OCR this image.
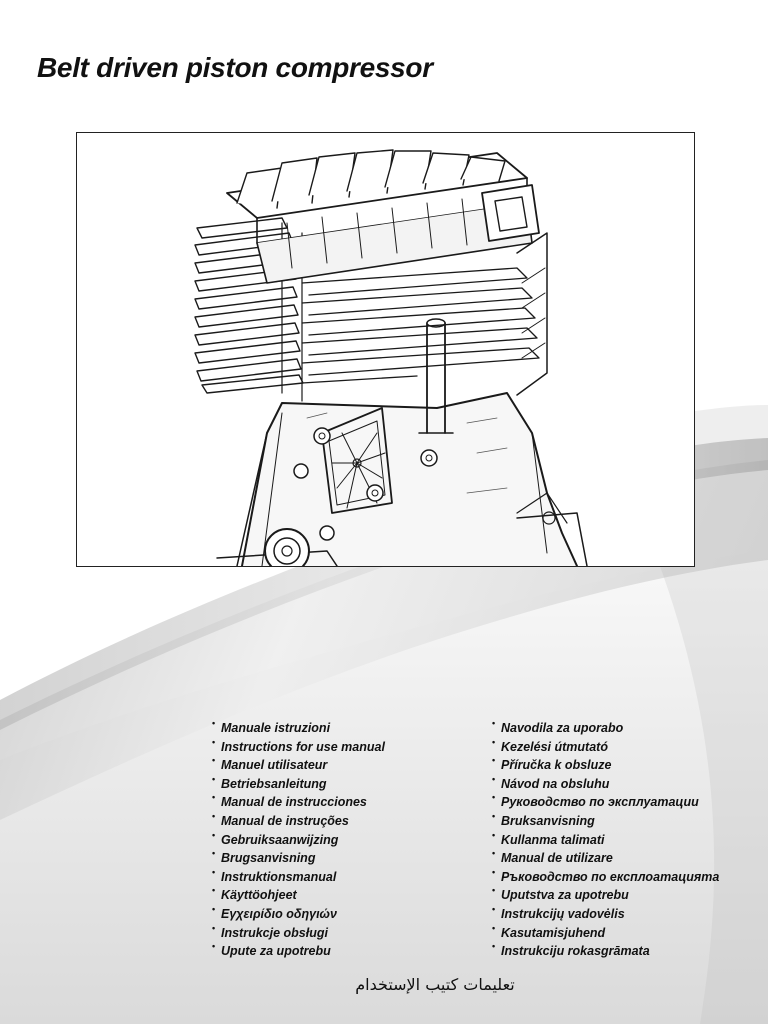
Belt driven piston compressor
• Manuale istruzioni
• Instructions for use manual
• Manuel utilisateur
• Betriebsanleitung
• Manual de instrucciones
• Manual de instruções
• Gebruiksaanwijzing
• Brugsanvisning
• Instruktionsmanual
• Käyttöohjeet
• Εγχειρίδιο οδηγιών
• Instrukcje obsługi
• Upute za upotrebu
• Navodila za uporabo
• Kezelési útmutató
• Příručka k obsluze
• Návod na obsluhu
• Руководство по эксплуатации
• Bruksanvisning
• Kullanma talimati
• Manual de utilizare
• Ръководство по експлоатацията
• Uputstva za upotrebu
• Instrukcijų vadovėlis
• Kasutamisjuhend
• Instrukciju rokasgrāmata
تعليمات كتيب الإستخدام
